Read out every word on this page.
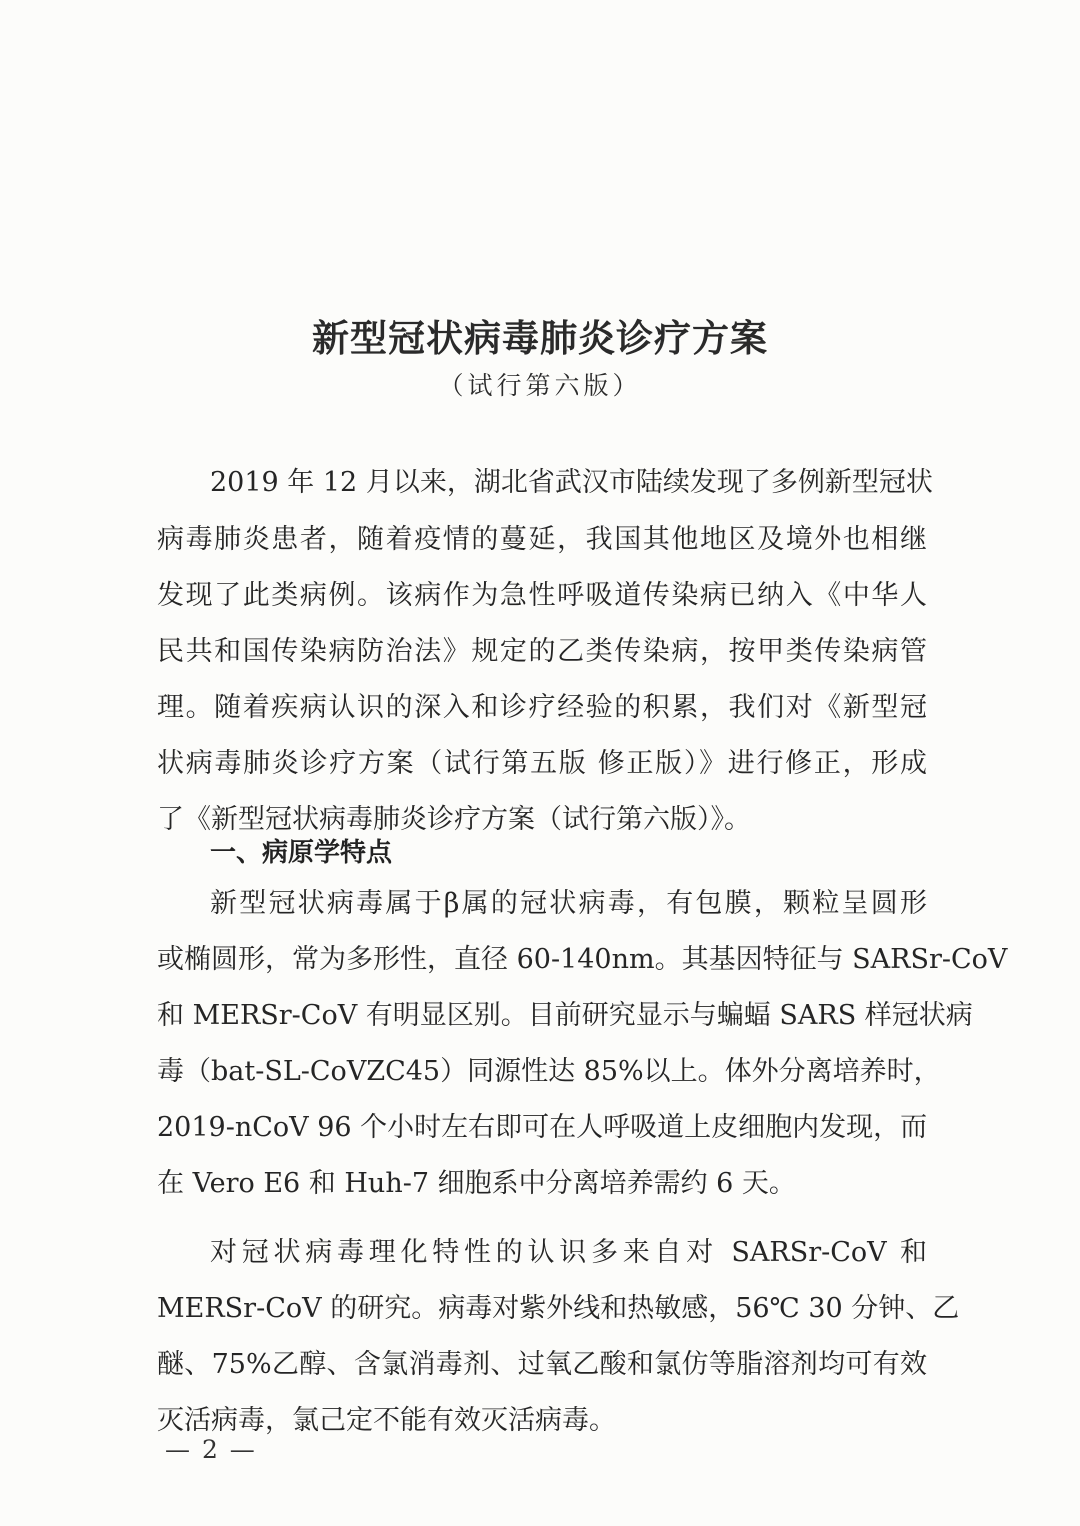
新型冠状病毒肺炎诊疗方案
（试行第六版）
2019 年 12 月以来，湖北省武汉市陆续发现了多例新型冠状
病毒肺炎患者，随着疫情的蔓延，我国其他地区及境外也相继
发现了此类病例。该病作为急性呼吸道传染病已纳入《中华人
民共和国传染病防治法》规定的乙类传染病，按甲类传染病管
理。随着疾病认识的深入和诊疗经验的积累，我们对《新型冠
状病毒肺炎诊疗方案（试行第五版 修正版）》进行修正，形成
了《新型冠状病毒肺炎诊疗方案（试行第六版）》。
一、病原学特点
新型冠状病毒属于β属的冠状病毒，有包膜，颗粒呈圆形
或椭圆形，常为多形性，直径 60-140nm。其基因特征与 SARSr-CoV
和 MERSr-CoV 有明显区别。目前研究显示与蝙蝠 SARS 样冠状病
毒（bat-SL-CoVZC45）同源性达 85%以上。体外分离培养时，
2019-nCoV 96 个小时左右即可在人呼吸道上皮细胞内发现，而
在 Vero E6 和 Huh-7 细胞系中分离培养需约 6 天。
对冠状病毒理化特性的认识多来自对 SARSr-CoV 和
MERSr-CoV 的研究。病毒对紫外线和热敏感，56℃ 30 分钟、乙
醚、75%乙醇、含氯消毒剂、过氧乙酸和氯仿等脂溶剂均可有效
灭活病毒，氯己定不能有效灭活病毒。
— 2 —
